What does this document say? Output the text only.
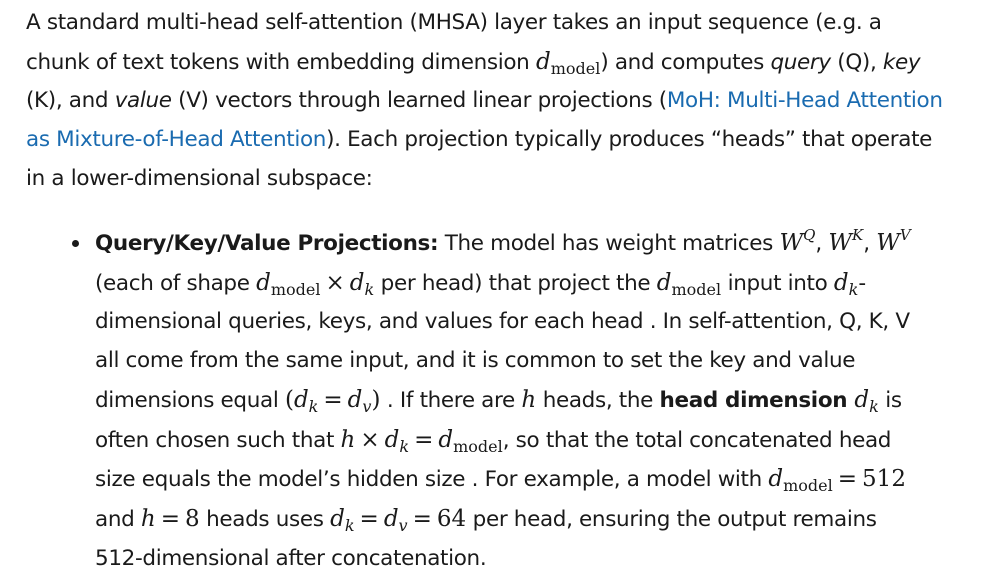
A standard multi-head self-attention (MHSA) layer takes an input sequence (e.g. a chunk of text tokens with embedding dimension $d_{model}$) and computes query (Q), key (K), and value (V) vectors through learned linear projections (MoH: Multi-Head Attention as Mixture-of-Head Attention). Each projection typically produces “heads” that operate in a lower-dimensional subspace:

Query/Key/Value Projections: The model has weight matrices $W^Q$, $W^K$, $W^V$ (each of shape $d_{model} \times d_k$ per head) that project the $d_{model}$ input into $d_k$-dimensional queries, keys, and values for each head . In self-attention, Q, K, V all come from the same input, and it is common to set the key and value dimensions equal $(d_k = d_v)$ . If there are h heads, the head dimension $d_k$ is often chosen such that $h \times d_k = d_{model}$, so that the total concatenated head size equals the model’s hidden size . For example, a model with $d_{model} = 512$ and h = 8 heads uses $d_k = d_v = 64$ per head, ensuring the output remains 512-dimensional after concatenation.
